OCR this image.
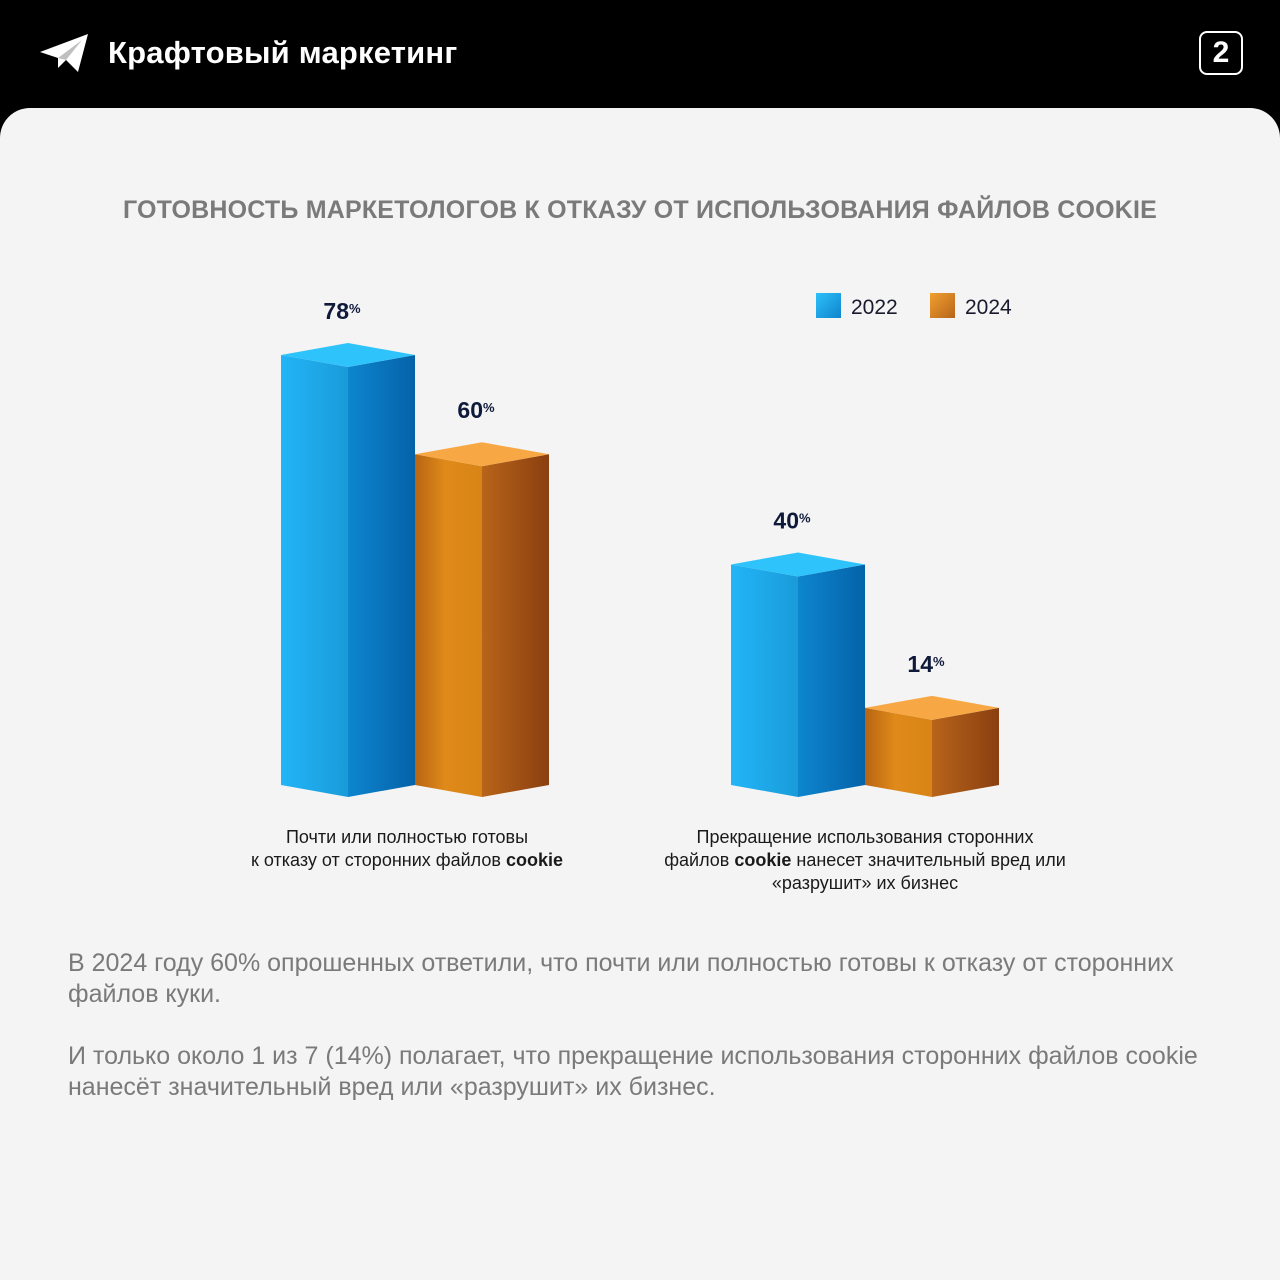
Крафтовый маркетинг	2
ГОТОВНОСТЬ МАРКЕТОЛОГОВ К ОТКАЗУ ОТ ИСПОЛЬЗОВАНИЯ ФАЙЛОВ COOKIE
78%
60%
40%
14%
2022	2024
Почти или полностью готовы
к отказу от сторонних файлов cookie
Прекращение использования сторонних
файлов cookie нанесет значительный вред или
«разрушит» их бизнес
В 2024 году 60% опрошенных ответили, что почти или полностью готовы к отказу от сторонних файлов куки.
И только около 1 из 7 (14%) полагает, что прекращение использования сторонних файлов cookie нанесёт значительный вред или «разрушит» их бизнес.
